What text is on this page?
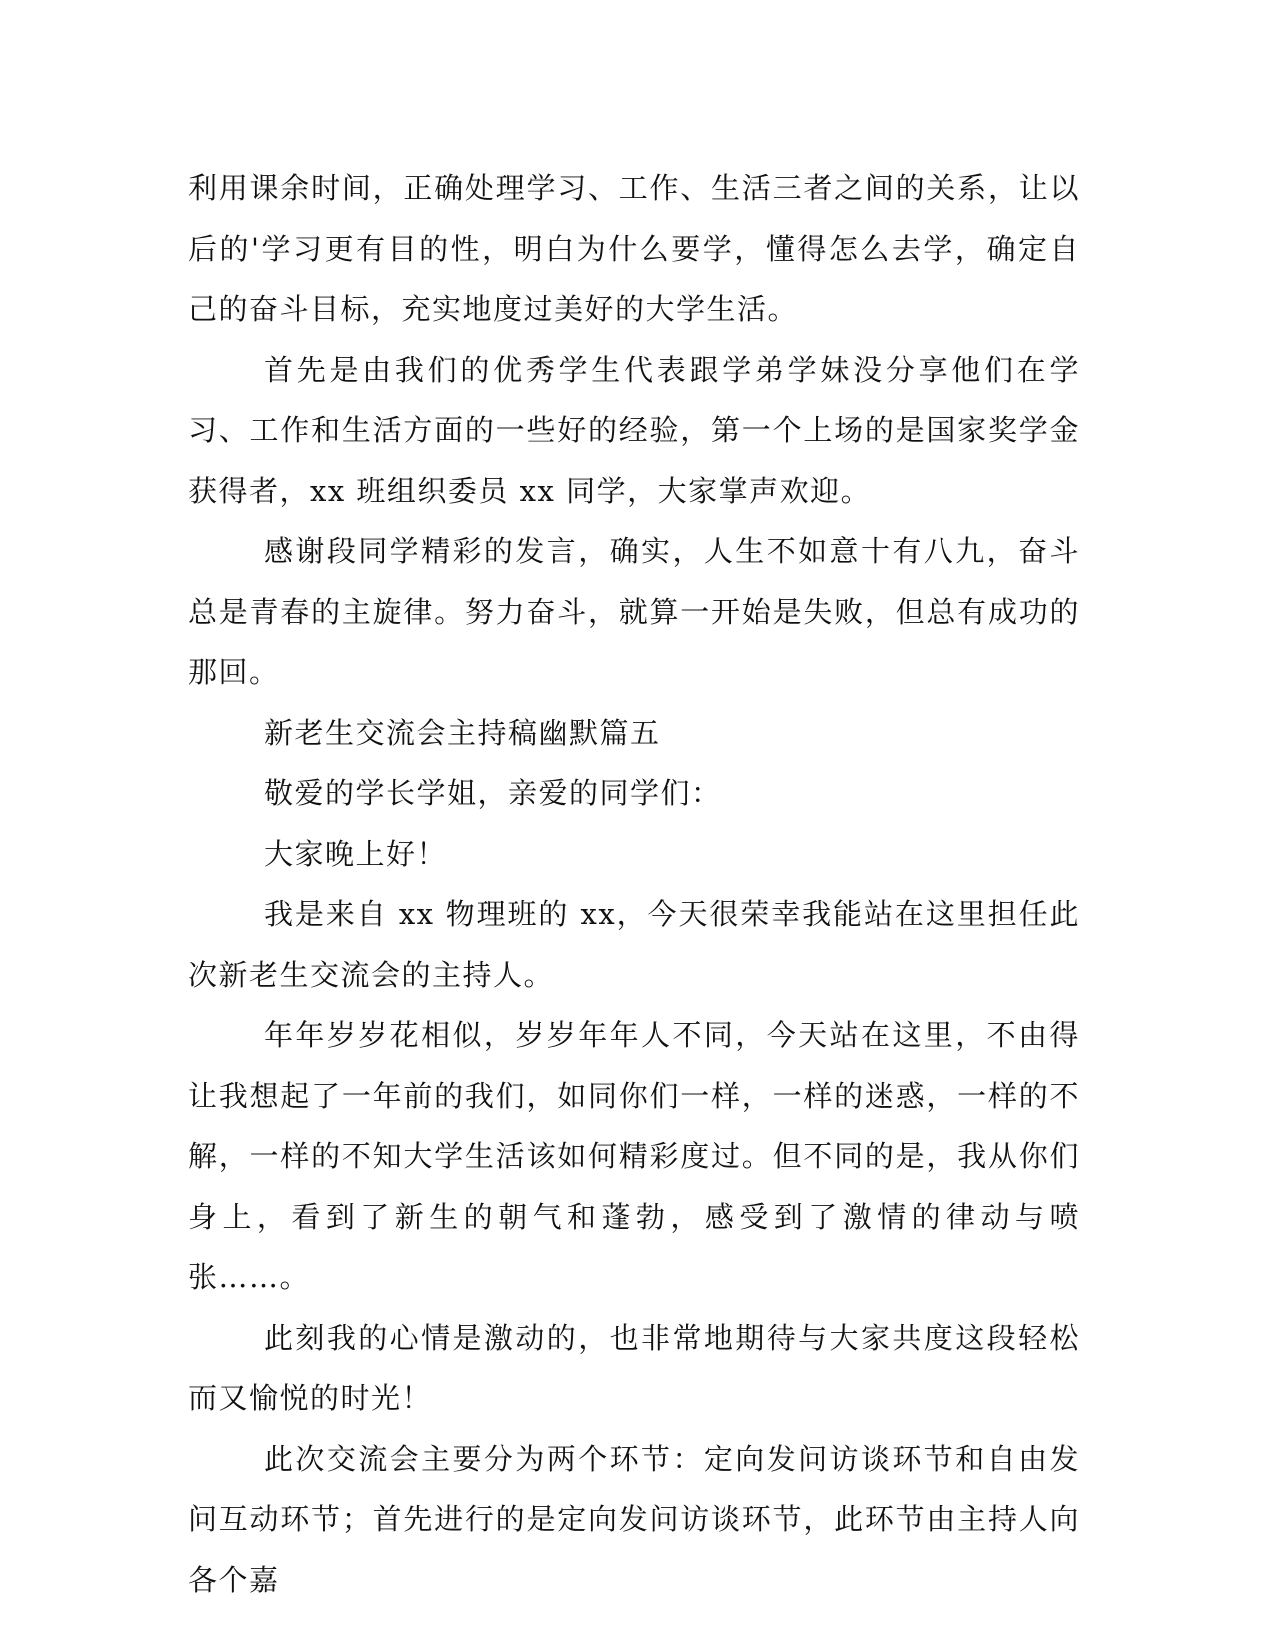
利用课余时间，正确处理学习、工作、生活三者之间的关系，让以后的'学习更有目的性，明白为什么要学，懂得怎么去学，确定自己的奋斗目标，充实地度过美好的大学生活。

首先是由我们的优秀学生代表跟学弟学妹没分享他们在学习、工作和生活方面的一些好的经验，第一个上场的是国家奖学金获得者，xx 班组织委员 xx 同学，大家掌声欢迎。

感谢段同学精彩的发言，确实，人生不如意十有八九，奋斗总是青春的主旋律。努力奋斗，就算一开始是失败，但总有成功的那回。

新老生交流会主持稿幽默篇五

敬爱的学长学姐，亲爱的同学们：

大家晚上好！

我是来自 xx 物理班的 xx，今天很荣幸我能站在这里担任此次新老生交流会的主持人。

年年岁岁花相似，岁岁年年人不同，今天站在这里，不由得让我想起了一年前的我们，如同你们一样，一样的迷惑，一样的不解，一样的不知大学生活该如何精彩度过。但不同的是，我从你们身上，看到了新生的朝气和蓬勃，感受到了激情的律动与喷张……。

此刻我的心情是激动的，也非常地期待与大家共度这段轻松而又愉悦的时光！

此次交流会主要分为两个环节：定向发问访谈环节和自由发问互动环节；首先进行的是定向发问访谈环节，此环节由主持人向各个嘉
